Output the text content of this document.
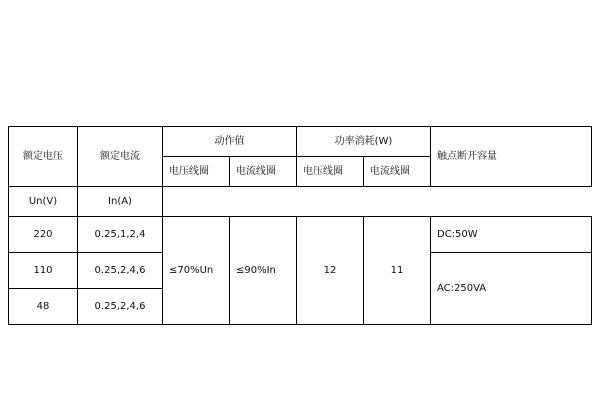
额定电压	额定电流	动作值		功率消耗(W)		触点断开容量
		电压线圈	电流线圈	电压线圈	电流线圈	
Un(V)	In(A)				
220	0.25,1,2,4	≤70%Un	≤90%In	12	11	DC:50W
110	0.25,2,4,6					AC:250VA
48	0.25,2,4,6					
